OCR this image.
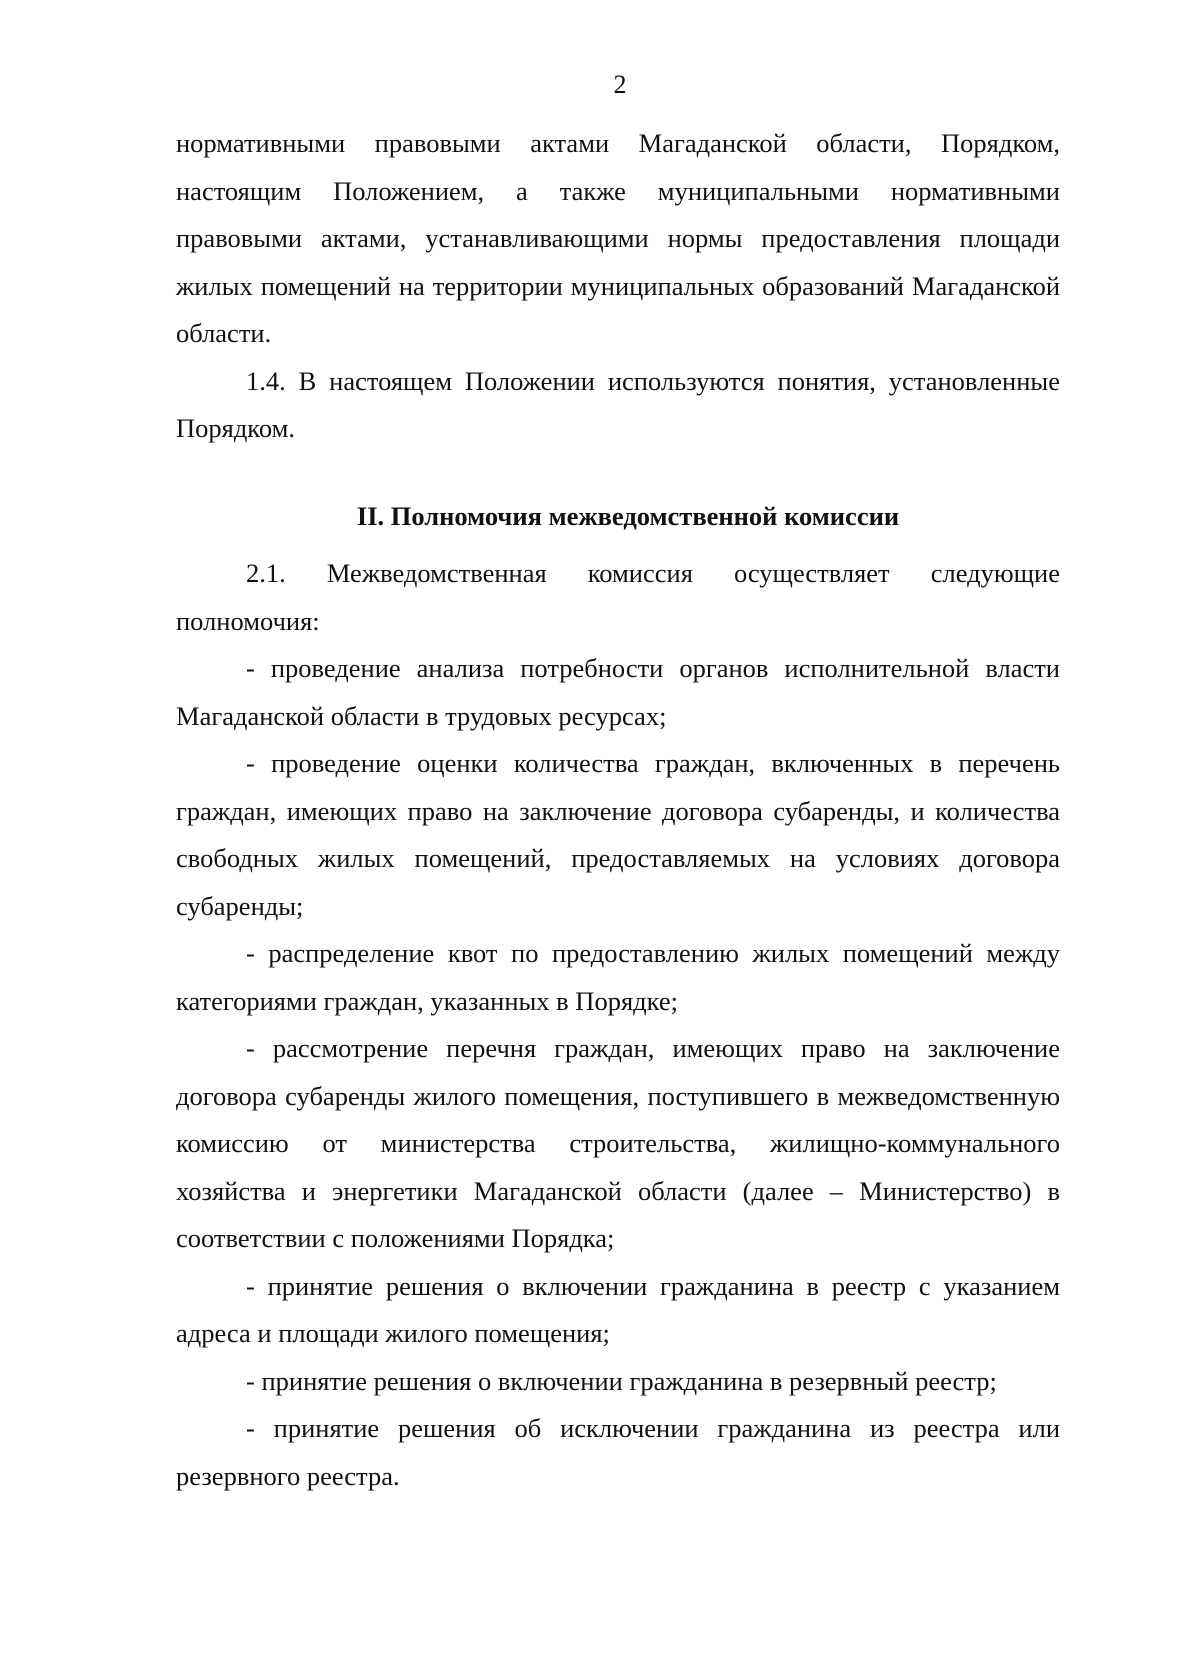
2

нормативными правовыми актами Магаданской области, Порядком, настоящим Положением, а также муниципальными нормативными правовыми актами, устанавливающими нормы предоставления площади жилых помещений на территории муниципальных образований Магаданской области.

1.4. В настоящем Положении используются понятия, установленные Порядком.

II. Полномочия межведомственной комиссии

2.1. Межведомственная комиссия осуществляет следующие полномочия:

- проведение анализа потребности органов исполнительной власти Магаданской области в трудовых ресурсах;

- проведение оценки количества граждан, включенных в перечень граждан, имеющих право на заключение договора субаренды, и количества свободных жилых помещений, предоставляемых на условиях договора субаренды;

- распределение квот по предоставлению жилых помещений между категориями граждан, указанных в Порядке;

- рассмотрение перечня граждан, имеющих право на заключение договора субаренды жилого помещения, поступившего в межведомственную комиссию от министерства строительства, жилищно-коммунального хозяйства и энергетики Магаданской области (далее – Министерство) в соответствии с положениями Порядка;

- принятие решения о включении гражданина в реестр с указанием адреса и площади жилого помещения;

- принятие решения о включении гражданина в резервный реестр;

- принятие решения об исключении гражданина из реестра или резервного реестра.
